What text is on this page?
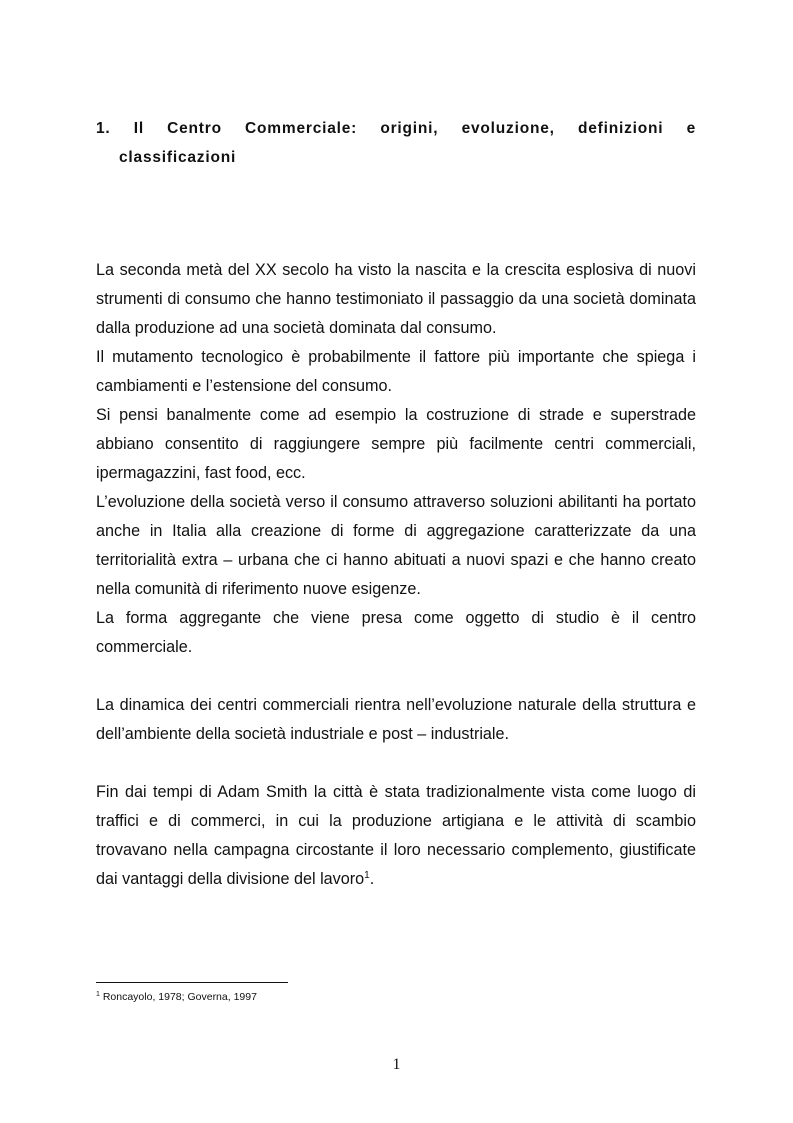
1. Il Centro Commerciale: origini, evoluzione, definizioni e
classificazioni

La seconda metà del XX secolo ha visto la nascita e la crescita esplosiva di nuovi strumenti di consumo che hanno testimoniato il passaggio da una società dominata dalla produzione ad una società dominata dal consumo.

Il mutamento tecnologico è probabilmente il fattore più importante che spiega i cambiamenti e l’estensione del consumo.

Si pensi banalmente come ad esempio la costruzione di strade e superstrade abbiano consentito di raggiungere sempre più facilmente centri commerciali, ipermagazzini, fast food, ecc.

L’evoluzione della società verso il consumo attraverso soluzioni abilitanti ha portato anche in Italia alla creazione di forme di aggregazione caratterizzate da una territorialità extra – urbana che ci hanno abituati a nuovi spazi e che hanno creato nella comunità di riferimento nuove esigenze.

La forma aggregante che viene presa come oggetto di studio è il centro commerciale.

La dinamica dei centri commerciali rientra nell’evoluzione naturale della struttura e dell’ambiente della società industriale e post – industriale.

Fin dai tempi di Adam Smith la città è stata tradizionalmente vista come luogo di traffici e di commerci, in cui la produzione artigiana e le attività di scambio trovavano nella campagna circostante il loro necessario complemento, giustificate dai vantaggi della divisione del lavoro$^1$.

$^1$ Roncayolo, 1978; Governa, 1997
1
